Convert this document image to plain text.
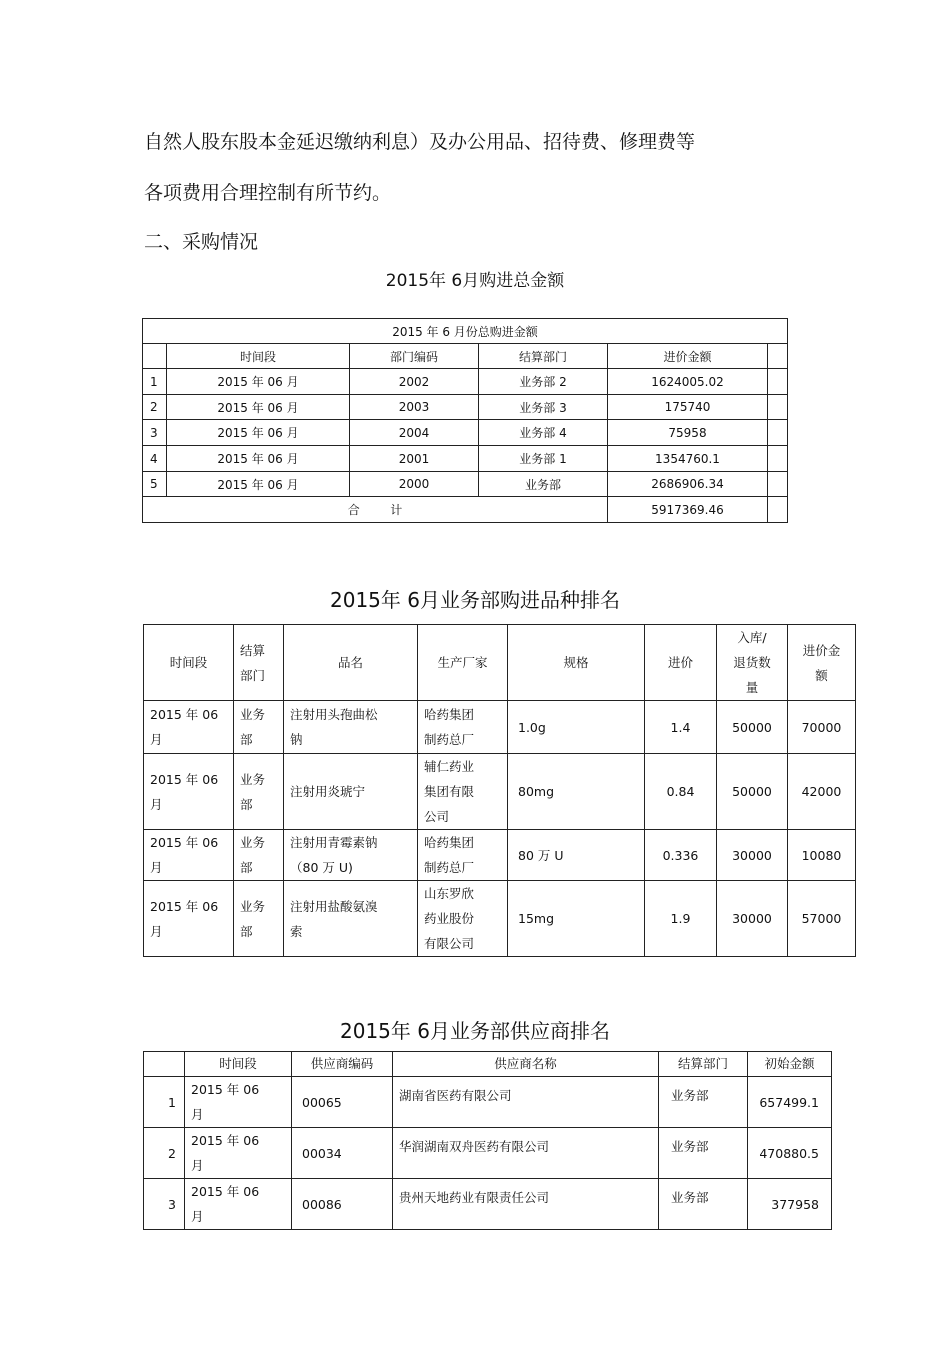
自然人股东股本金延迟缴纳利息）及办公用品、招待费、修理费等
各项费用合理控制有所节约。
二、采购情况
2015年 6月购进总金额
2015 年 6 月份总购进金额					
	时间段	部门编码	结算部门	进价金额	
1	2015 年 06 月	2002	业务部 2	1624005.02	
2	2015 年 06 月	2003	业务部 3	175740	
3	2015 年 06 月	2004	业务部 4	75958	
4	2015 年 06 月	2001	业务部 1	1354760.1	
5	2015 年 06 月	2000	业务部	2686906.34	
合        计				5917369.46	
2015年 6月业务部购进品种排名
时间段	结算
部门	品名	生产厂家	规格	进价	入库/
退货数
量	进价金
额
2015 年 06
月	业务
部	注射用头孢曲松
钠	哈药集团
制药总厂	1.0g	1.4	50000	70000
2015 年 06
月	业务
部	注射用炎琥宁	辅仁药业
集团有限
公司	80mg	0.84	50000	42000
2015 年 06
月	业务
部	注射用青霉素钠
（80 万 U)	哈药集团
制药总厂	80 万 U	0.336	30000	10080
2015 年 06
月	业务
部	注射用盐酸氨溴
索	山东罗欣
药业股份
有限公司	15mg	1.9	30000	57000
2015年 6月业务部供应商排名
	时间段	供应商编码	供应商名称	结算部门	初始金额
1	2015 年 06
月	00065	湖南省医药有限公司	业务部	657499.1
2	2015 年 06
月	00034	华润湖南双舟医药有限公司	业务部	470880.5
3	2015 年 06
月	00086	贵州天地药业有限责任公司	业务部	377958
